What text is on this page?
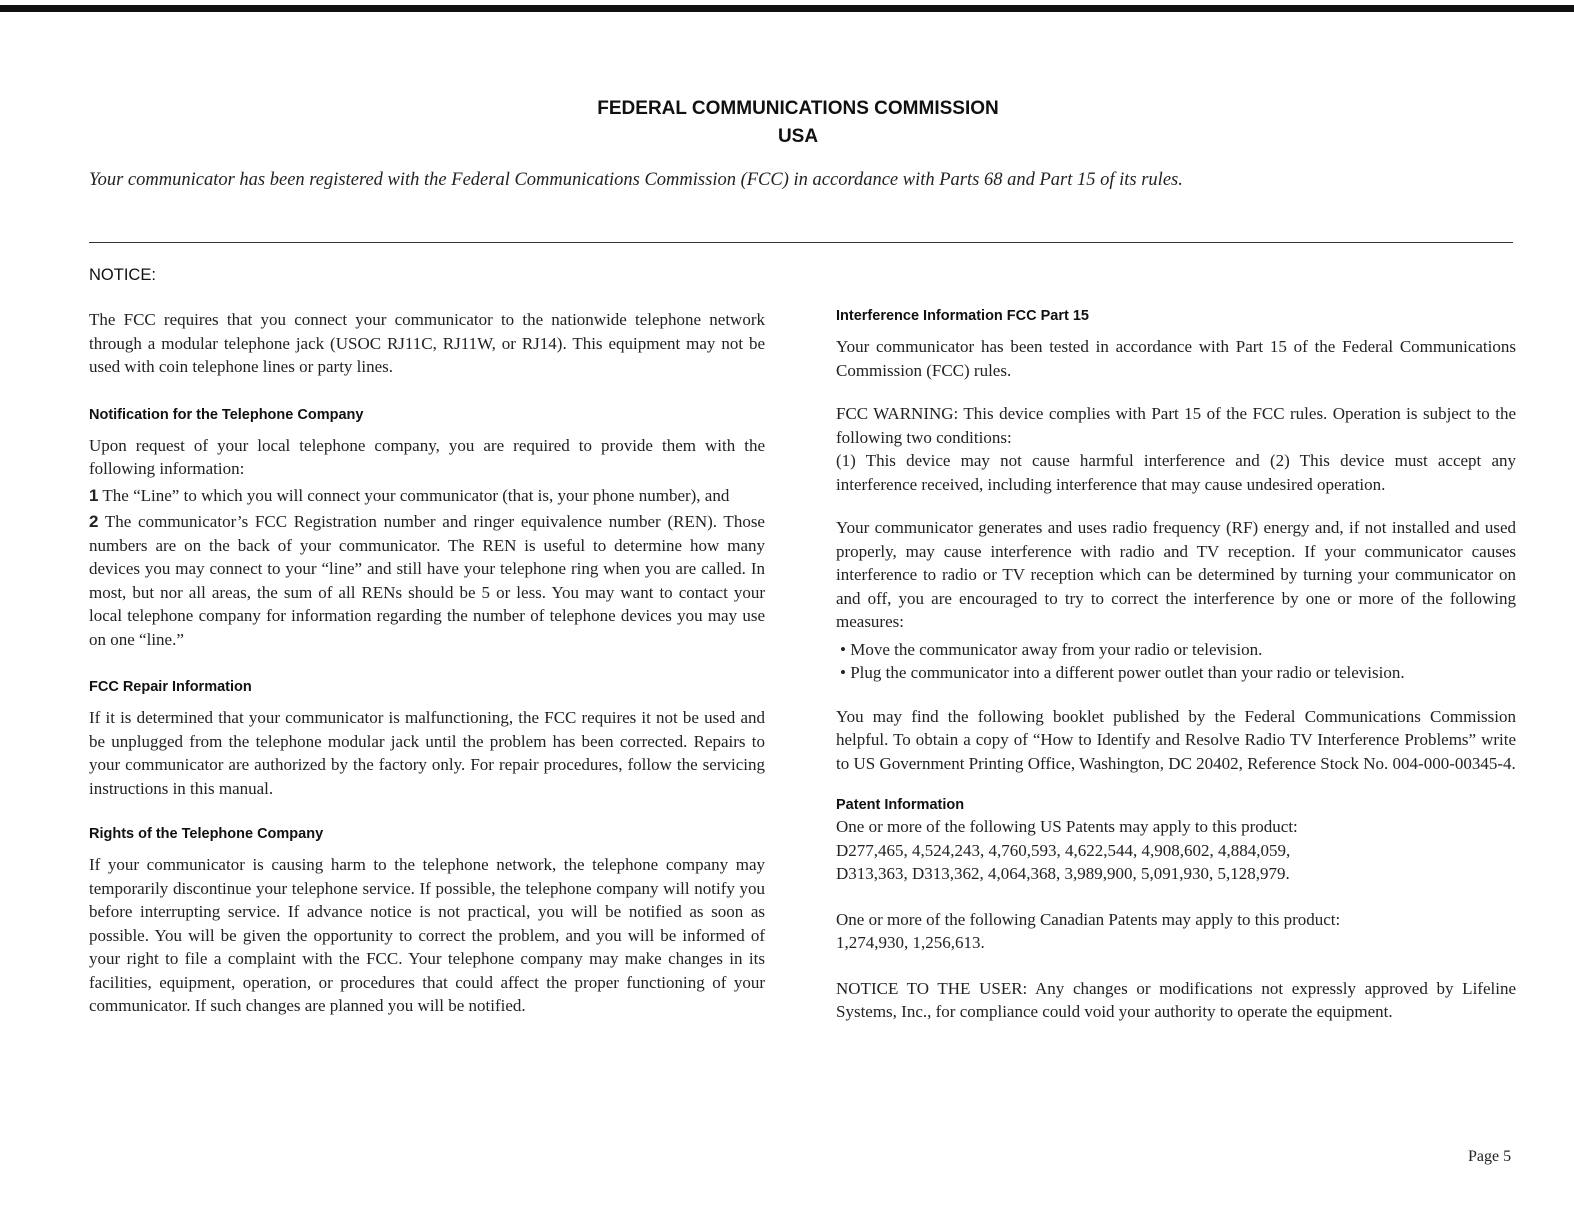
FEDERAL COMMUNICATIONS COMMISSION
USA
Your communicator has been registered with the Federal Communications Commission (FCC) in accordance with Parts 68 and Part 15 of its rules.
NOTICE:

The FCC requires that you connect your communicator to the nationwide telephone network through a modular telephone jack (USOC RJ11C, RJ11W, or RJ14). This equipment may not be used with coin telephone lines or party lines.

Notification for the Telephone Company

Upon request of your local telephone company, you are required to provide them with the following information:

1 The “Line” to which you will connect your communicator (that is, your phone number), and

2 The communicator’s FCC Registration number and ringer equivalence number (REN). Those numbers are on the back of your communicator. The REN is useful to determine how many devices you may connect to your “line” and still have your telephone ring when you are called. In most, but nor all areas, the sum of all RENs should be 5 or less. You may want to contact your local telephone company for information regarding the number of telephone devices you may use on one “line.”

FCC Repair Information

If it is determined that your communicator is malfunctioning, the FCC requires it not be used and be unplugged from the telephone modular jack until the problem has been corrected. Repairs to your communicator are authorized by the factory only. For repair procedures, follow the servicing instructions in this manual.

Rights of the Telephone Company

If your communicator is causing harm to the telephone network, the telephone company may temporarily discontinue your telephone service. If possible, the telephone company will notify you before interrupting service. If advance notice is not practical, you will be notified as soon as possible. You will be given the opportunity to correct the problem, and you will be informed of your right to file a complaint with the FCC. Your telephone company may make changes in its facilities, equipment, operation, or procedures that could affect the proper functioning of your communicator. If such changes are planned you will be notified.

Interference Information FCC Part 15

Your communicator has been tested in accordance with Part 15 of the Federal Communications Commission (FCC) rules.

FCC WARNING: This device complies with Part 15 of the FCC rules. Operation is subject to the following two conditions:

(1) This device may not cause harmful interference and (2) This device must accept any interference received, including interference that may cause undesired operation.

Your communicator generates and uses radio frequency (RF) energy and, if not installed and used properly, may cause interference with radio and TV reception. If your communicator causes interference to radio or TV reception which can be determined by turning your communicator on and off, you are encouraged to try to correct the interference by one or more of the following measures:

• Move the communicator away from your radio or television.

• Plug the communicator into a different power outlet than your radio or television.

You may find the following booklet published by the Federal Communications Commission helpful. To obtain a copy of “How to Identify and Resolve Radio TV Interference Problems” write to US Government Printing Office, Washington, DC 20402, Reference Stock No. 004-000-00345-4.

Patent Information

One or more of the following US Patents may apply to this product:

D277,465, 4,524,243, 4,760,593, 4,622,544, 4,908,602, 4,884,059,

D313,363, D313,362, 4,064,368, 3,989,900, 5,091,930, 5,128,979.

One or more of the following Canadian Patents may apply to this product:

1,274,930, 1,256,613.

NOTICE TO THE USER: Any changes or modifications not expressly approved by Lifeline Systems, Inc., for compliance could void your authority to operate the equipment.

Page 5
